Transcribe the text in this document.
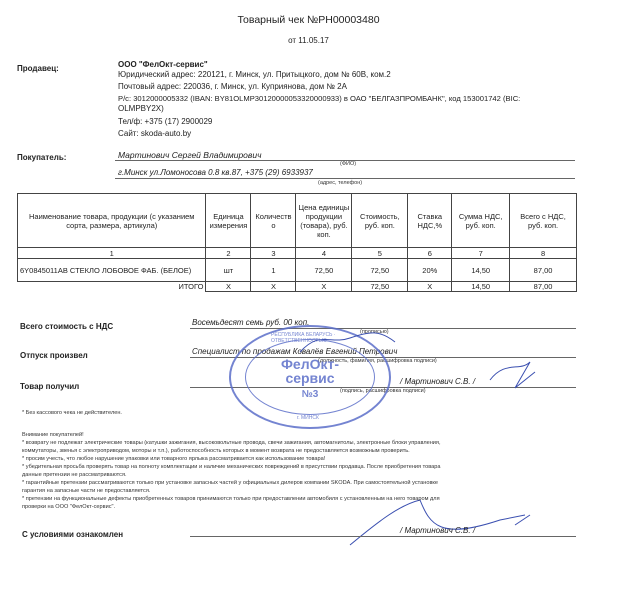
Товарный чек №РН00003480
от 11.05.17
Продавец:	ООО "ФелОкт-сервис"
Юридический адрес: 220121, г. Минск, ул. Притыцкого, дом № 60В, ком.2
Почтовый адрес: 220036, г. Минск, ул. Куприянова, дом № 2А
Р/с: 3012000005332 (IBAN: BY81OLMP30120000053320000933) в ОАО "БЕЛГАЗПРОМБАНК", код 153001742 (BIC:
OLMPBY2X)
Тел/ф: +375 (17) 2900029
Сайт: skoda-auto.by
Покупатель:	Мартинович Сергей Владимирович
(ФИО)
г.Минск ул.Ломоносова 0.8 кв.87, +375 (29) 6933937
(адрес, телефон)
Наименование товара, продукции (с указанием сорта, размера, артикула)	Единица измерения	Количеств о	Цена единицы продукции (товара), руб. коп.	Стоимость, руб. коп.	Ставка НДС,%	Сумма НДС, руб. коп.	Всего с НДС, руб. коп.
1	2	3	4	5	6	7	8
6Y0845011AB СТЕКЛО ЛОБОВОЕ ФАБ. (БЕЛОЕ)	шт	1	72,50	72,50	20%	14,50	87,00
ИТОГО	X	X	X	72,50	X	14,50	87,00
Всего стоимость с НДС	Восемьдесят семь руб. 00 коп.
(прописью)
Отпуск произвел	Специалист по продажам Ковалёв Евгений Петрович
(должность, фамилия, расшифровка подписи)
Товар получил
/ Мартинович С.В. /
(подпись, расшифровка подписи)
РЕСПУБЛИКА БЕЛАРУСЬ · ОТВЕТСТВЕННОСТЬЮ
ФелОкт-
сервис
№3
г. МИНСК
* Без кассового чека не действителен.
Внимание покупателей!
* возврату не подлежат электрические товары (катушки зажигания, высоковольтные провода, свечи зажигания, автомагнитолы, электронные блоки управления,
коммутаторы, звенья с электроприводом, моторы и т.п.), работоспособность которых в момент возврата не предоставляется возможным проверить.
* просим учесть, что любое нарушение упаковки или товарного ярлыка рассматривается как использование товара!
* убедительная просьба проверять товар на полноту комплектации и наличие механических повреждений в присутствии продавца. После приобретения товара
данные претензии не рассматриваются.
* гарантийные претензии рассматриваются только при установке запасных частей у официальных дилеров компании SKODA. При самостоятельной установке
гарантия на запасные части не предоставляется.
* претензии на функциональные дефекты приобретенных товаров принимаются только при предоставлении автомобиля с установленным на него товаром для
проверки на ООО "ФелОкт-сервис".
С условиями ознакомлен	/ Мартинович С.В. /
